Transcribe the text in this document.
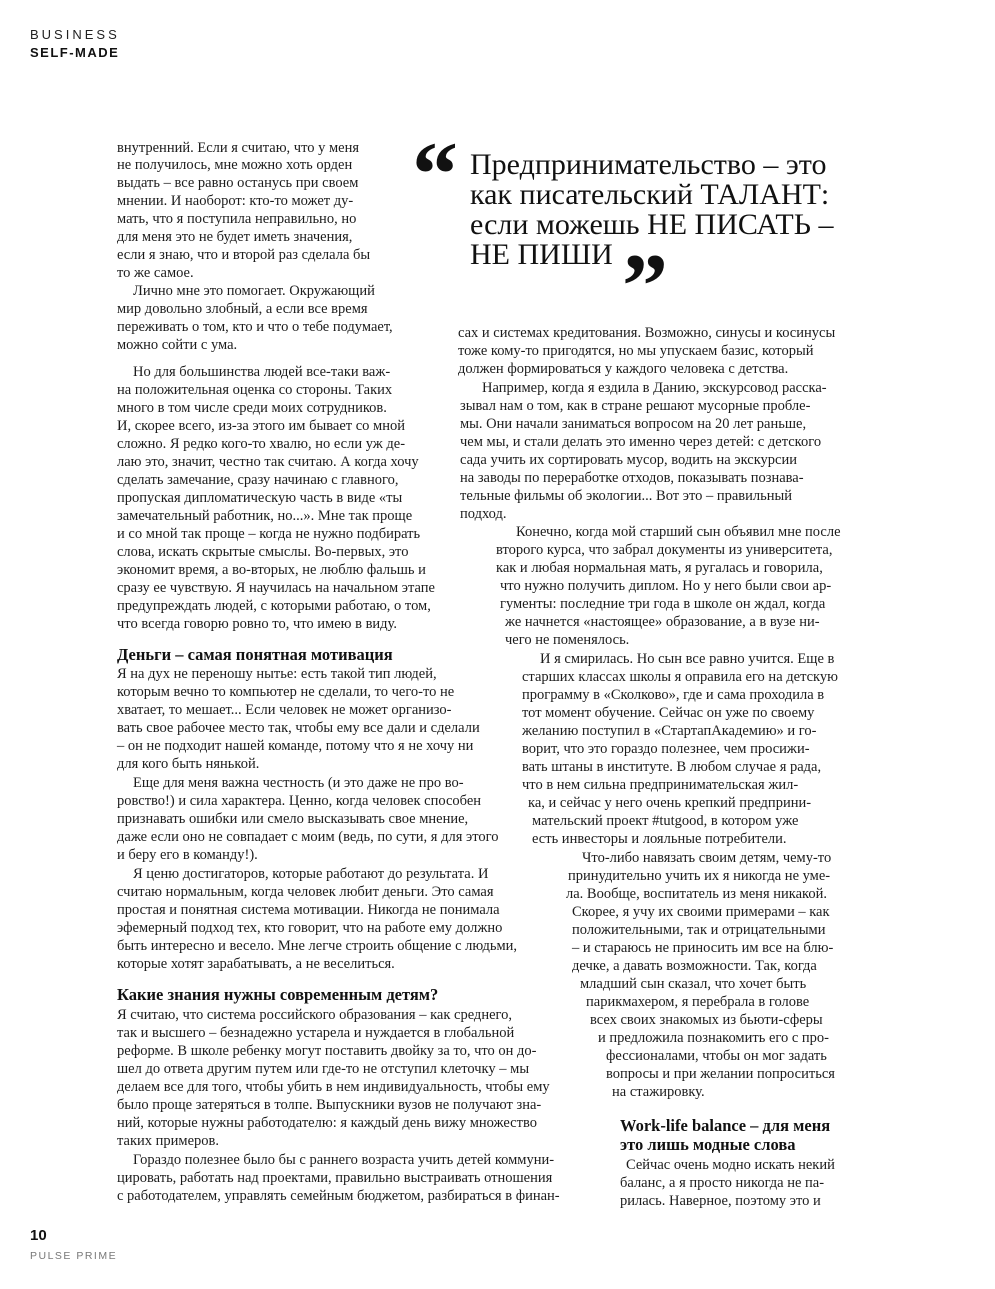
BUSINESS
SELF-MADE
“ Предпринимательство – это
как писательский ТАЛАНТ:
если можешь НЕ ПИСАТЬ –
НЕ ПИШИ ”
внутренний. Если я считаю, что у меня
не получилось, мне можно хоть орден
выдать – все равно останусь при своем
мнении. И наоборот: кто-то может ду-
мать, что я поступила неправильно, но
для меня это не будет иметь значения,
если я знаю, что и второй раз сделала бы
то же самое.
Лично мне это помогает. Окружающий
мир довольно злобный, а если все время
переживать о том, кто и что о тебе подумает,
можно сойти с ума.
Но для большинства людей все-таки важ-
на положительная оценка со стороны. Таких
много в том числе среди моих сотрудников.
И, скорее всего, из-за этого им бывает со мной
сложно. Я редко кого-то хвалю, но если уж де-
лаю это, значит, честно так считаю. А когда хочу
сделать замечание, сразу начинаю с главного,
пропуская дипломатическую часть в виде «ты
замечательный работник, но...». Мне так проще
и со мной так проще – когда не нужно подбирать
слова, искать скрытые смыслы. Во-первых, это
экономит время, а во-вторых, не люблю фальшь и
сразу ее чувствую. Я научилась на начальном этапе
предупреждать людей, с которыми работаю, о том,
что всегда говорю ровно то, что имею в виду.
Деньги – самая понятная мотивация
Я на дух не переношу нытье: есть такой тип людей,
которым вечно то компьютер не сделали, то чего-то не
хватает, то мешает... Если человек не может организо-
вать свое рабочее место так, чтобы ему все дали и сделали
– он не подходит нашей команде, потому что я не хочу ни
для кого быть нянькой.
Еще для меня важна честность (и это даже не про во-
ровство!) и сила характера. Ценно, когда человек способен
признавать ошибки или смело высказывать свое мнение,
даже если оно не совпадает с моим (ведь, по сути, я для этого
и беру его в команду!).
Я ценю достигаторов, которые работают до результата. И
считаю нормальным, когда человек любит деньги. Это самая
простая и понятная система мотивации. Никогда не понимала
эфемерный подход тех, кто говорит, что на работе ему должно
быть интересно и весело. Мне легче строить общение с людьми,
которые хотят зарабатывать, а не веселиться.
Какие знания нужны современным детям?
Я считаю, что система российского образования – как среднего,
так и высшего – безнадежно устарела и нуждается в глобальной
реформе. В школе ребенку могут поставить двойку за то, что он до-
шел до ответа другим путем или где-то не отступил клеточку – мы
делаем все для того, чтобы убить в нем индивидуальность, чтобы ему
было проще затеряться в толпе. Выпускники вузов не получают зна-
ний, которые нужны работодателю: я каждый день вижу множество
таких примеров.
Гораздо полезнее было бы с раннего возраста учить детей коммуни-
цировать, работать над проектами, правильно выстраивать отношения
с работодателем, управлять семейным бюджетом, разбираться в финан-
сах и системах кредитования. Возможно, синусы и косинусы
тоже кому-то пригодятся, но мы упускаем базис, который
должен формироваться у каждого человека с детства.
Например, когда я ездила в Данию, экскурсовод расска-
зывал нам о том, как в стране решают мусорные пробле-
мы. Они начали заниматься вопросом на 20 лет раньше,
чем мы, и стали делать это именно через детей: с детского
сада учить их сортировать мусор, водить на экскурсии
на заводы по переработке отходов, показывать познава-
тельные фильмы об экологии... Вот это – правильный
подход.
Конечно, когда мой старший сын объявил мне после
второго курса, что забрал документы из университета,
как и любая нормальная мать, я ругалась и говорила,
что нужно получить диплом. Но у него были свои ар-
гументы: последние три года в школе он ждал, когда
же начнется «настоящее» образование, а в вузе ни-
чего не поменялось.
И я смирилась. Но сын все равно учится. Еще в
старших классах школы я оправила его на детскую
программу в «Сколково», где и сама проходила в
тот момент обучение. Сейчас он уже по своему
желанию поступил в «СтартапАкадемию» и го-
ворит, что это гораздо полезнее, чем просижи-
вать штаны в институте. В любом случае я рада,
что в нем сильна предпринимательская жил-
ка, и сейчас у него очень крепкий предприни-
мательский проект #tutgood, в котором уже
есть инвесторы и лояльные потребители.
Что-либо навязать своим детям, чему-то
принудительно учить их я никогда не уме-
ла. Вообще, воспитатель из меня никакой.
Скорее, я учу их своими примерами – как
положительными, так и отрицательными
– и стараюсь не приносить им все на блю-
дечке, а давать возможности. Так, когда
младший сын сказал, что хочет быть
парикмахером, я перебрала в голове
всех своих знакомых из бьюти-сферы
и предложила познакомить его с про-
фессионалами, чтобы он мог задать
вопросы и при желании попроситься
на стажировку.
Work-life balance – для меня
это лишь модные слова
Сейчас очень модно искать некий
баланс, а я просто никогда не па-
рилась. Наверное, поэтому это и
10
PULSE PRIME
